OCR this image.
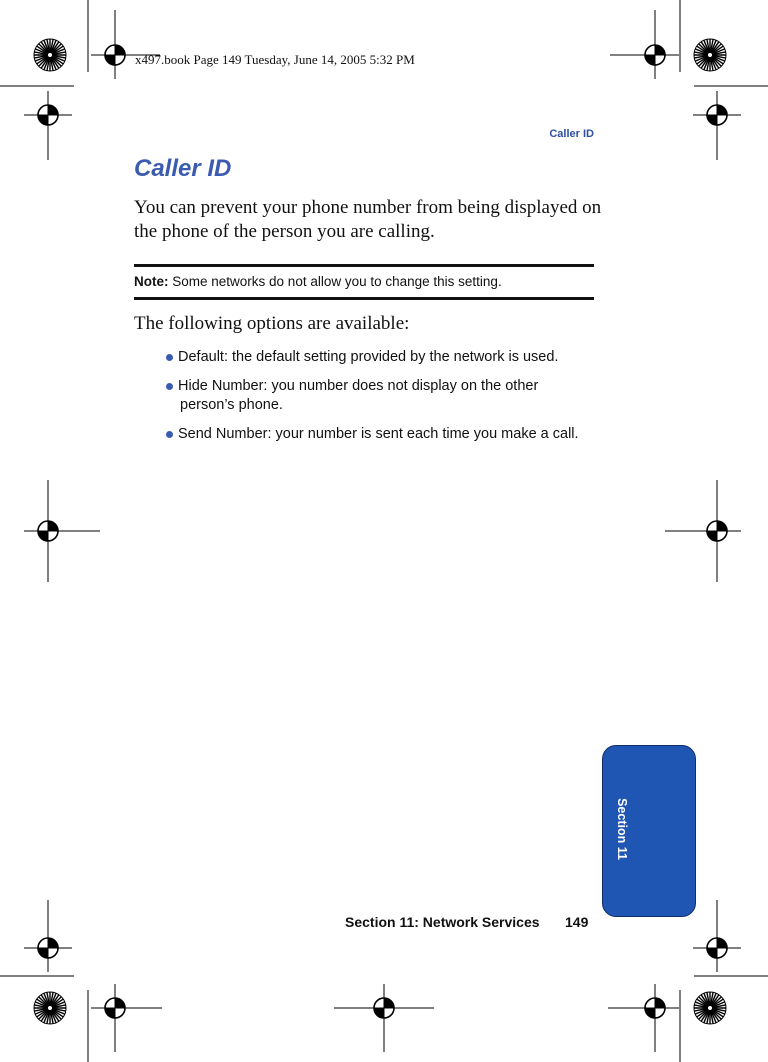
x497.book Page 149 Tuesday, June 14, 2005 5:32 PM
Caller ID
Caller ID

You can prevent your phone number from being displayed on the phone of the person you are calling.

Note: Some networks do not allow you to change this setting.

The following options are available:

Default: the default setting provided by the network is used.
Hide Number: you number does not display on the other
person’s phone.
Send Number: your number is sent each time you make a call.
Section 11
Section 11: Network Services 149
